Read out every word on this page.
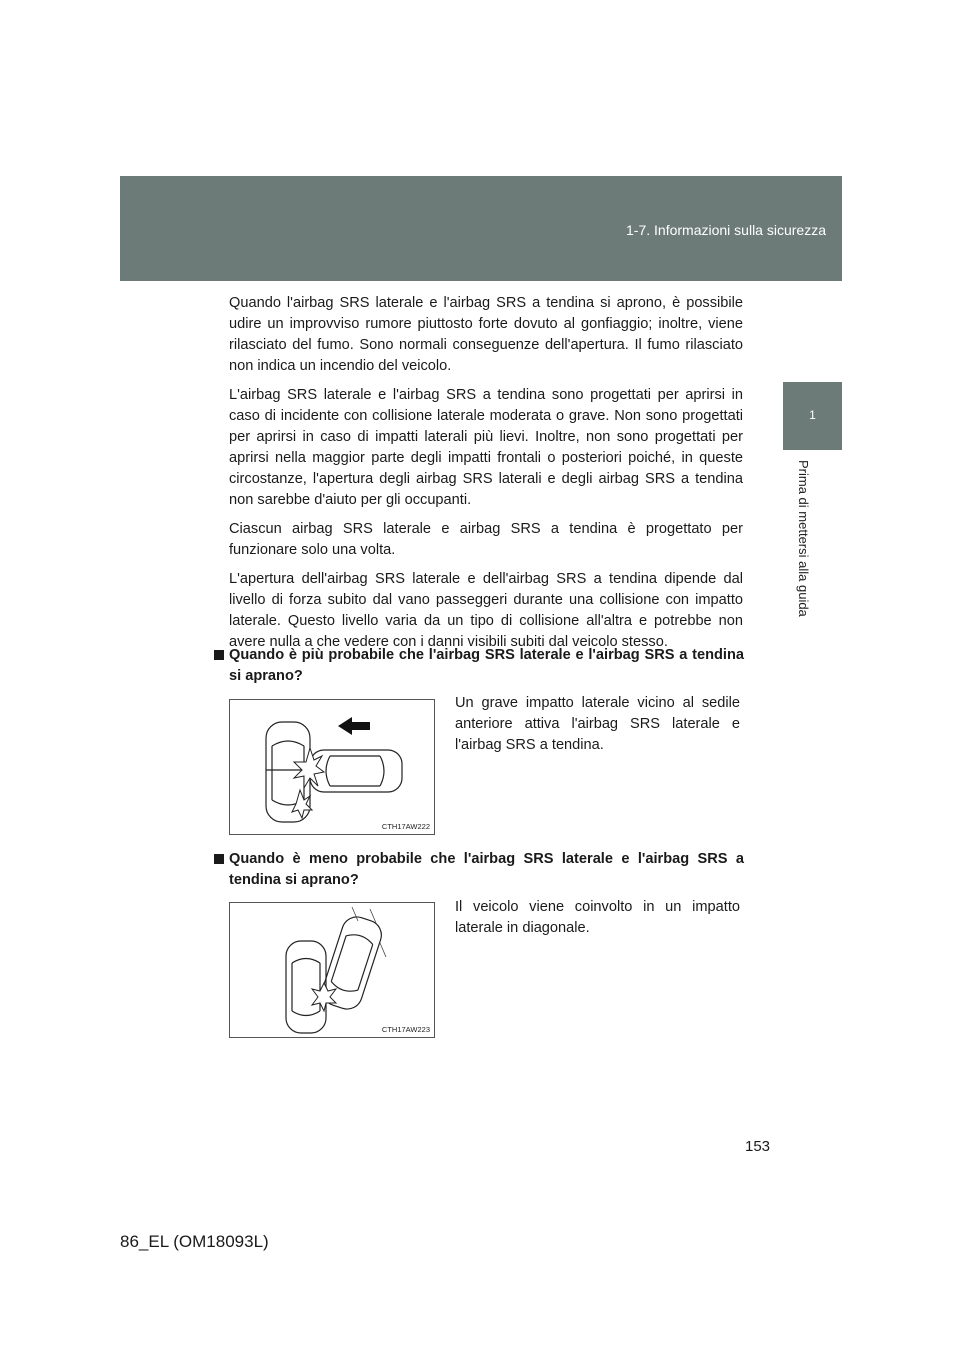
1-7. Informazioni sulla sicurezza
1
Prima di mettersi alla guida

Quando l'airbag SRS laterale e l'airbag SRS a tendina si aprono, è possibile udire un improvviso rumore piuttosto forte dovuto al gonfiaggio; inoltre, viene rilasciato del fumo. Sono normali conseguenze dell'apertura. Il fumo rilasciato non indica un incendio del veicolo.

L'airbag SRS laterale e l'airbag SRS a tendina sono progettati per aprirsi in caso di incidente con collisione laterale moderata o grave. Non sono progettati per aprirsi in caso di impatti laterali più lievi. Inoltre, non sono progettati per aprirsi nella maggior parte degli impatti frontali o posteriori poiché, in queste circostanze, l'apertura degli airbag SRS laterali e degli airbag SRS a tendina non sarebbe d'aiuto per gli occupanti.

Ciascun airbag SRS laterale e airbag SRS a tendina è progettato per funzionare solo una volta.

L'apertura dell'airbag SRS laterale e dell'airbag SRS a tendina dipende dal livello di forza subito dal vano passeggeri durante una collisione con impatto laterale. Questo livello varia da un tipo di collisione all'altra e potrebbe non avere nulla a che vedere con i danni visibili subiti dal veicolo stesso.

Quando è più probabile che l'airbag SRS laterale e l'airbag SRS a tendina si aprano?
CTH17AW222
Un grave impatto laterale vicino al sedile anteriore attiva l'airbag SRS laterale e l'airbag SRS a tendina.
Quando è meno probabile che l'airbag SRS laterale e l'airbag SRS a tendina si aprano?
CTH17AW223
Il veicolo viene coinvolto in un impatto laterale in diagonale.
153
86_EL (OM18093L)
